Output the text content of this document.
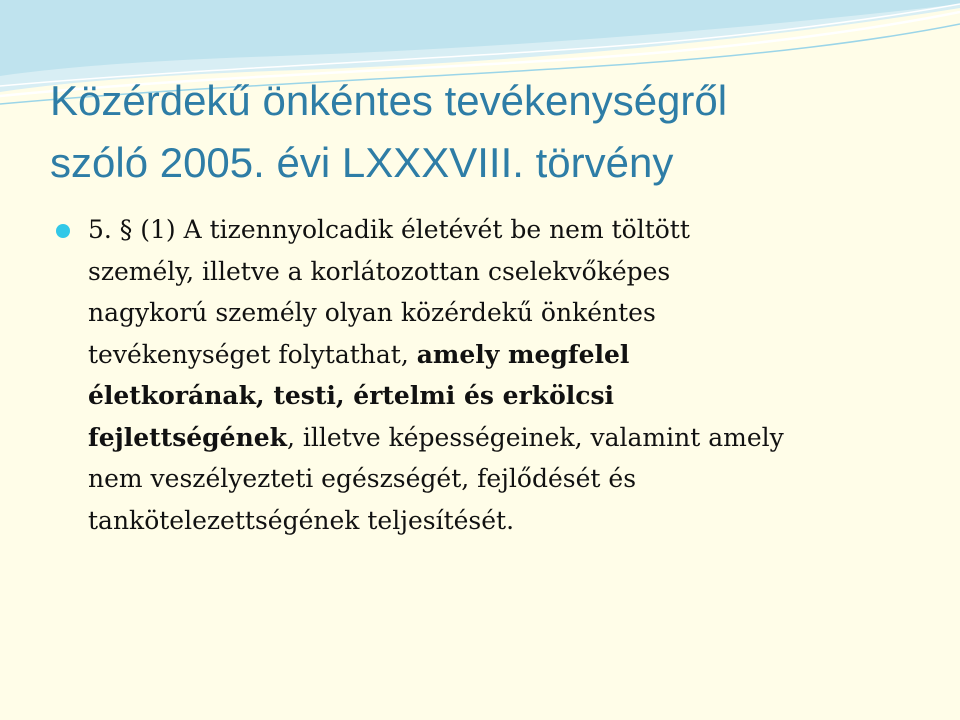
Közérdekű önkéntes tevékenységről
szóló 2005. évi LXXXVIII. törvény

5. § (1) A tizennyolcadik életévét be nem töltött
személy, illetve a korlátozottan cselekvőképes
nagykorú személy olyan közérdekű önkéntes
tevékenységet folytathat, amely megfelel
életkorának, testi, értelmi és erkölcsi
fejlettségének, illetve képességeinek, valamint amely
nem veszélyezteti egészségét, fejlődését és
tankötelezettségének teljesítését.
